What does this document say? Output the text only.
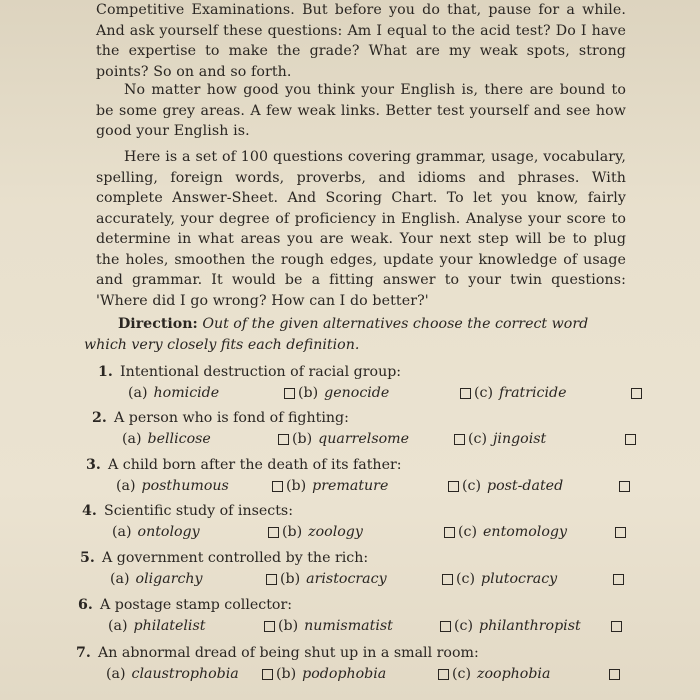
Competitive Examinations. But before you do that, pause for a while. And ask yourself these questions: Am I equal to the acid test? Do I have the expertise to make the grade? What are my weak spots, strong points? So on and so forth.

No matter how good you think your English is, there are bound to be some grey areas. A few weak links. Better test yourself and see how good your English is.

Here is a set of 100 questions covering grammar, usage, vocabulary, spelling, foreign words, proverbs, and idioms and phrases. With complete Answer-Sheet. And Scoring Chart. To let you know, fairly accurately, your degree of proficiency in English. Analyse your score to determine in what areas you are weak. Your next step will be to plug the holes, smoothen the rough edges, update your knowledge of usage and grammar. It would be a fitting answer to your twin questions: 'Where did I go wrong? How can I do better?'

Direction: Out of the given alternatives choose the correct word which very closely fits each definition.
1. Intentional destruction of racial group:
(a) homicide	(b) genocide	(c) fratricide
2. A person who is fond of fighting:
(a) bellicose	(b) quarrelsome	(c) jingoist
3. A child born after the death of its father:
(a) posthumous	(b) premature	(c) post-dated
4. Scientific study of insects:
(a) ontology	(b) zoology	(c) entomology
5. A government controlled by the rich:
(a) oligarchy	(b) aristocracy	(c) plutocracy
6. A postage stamp collector:
(a) philatelist	(b) numismatist	(c) philanthropist
7. An abnormal dread of being shut up in a small room:
(a) claustrophobia	(b) podophobia	(c) zoophobia
